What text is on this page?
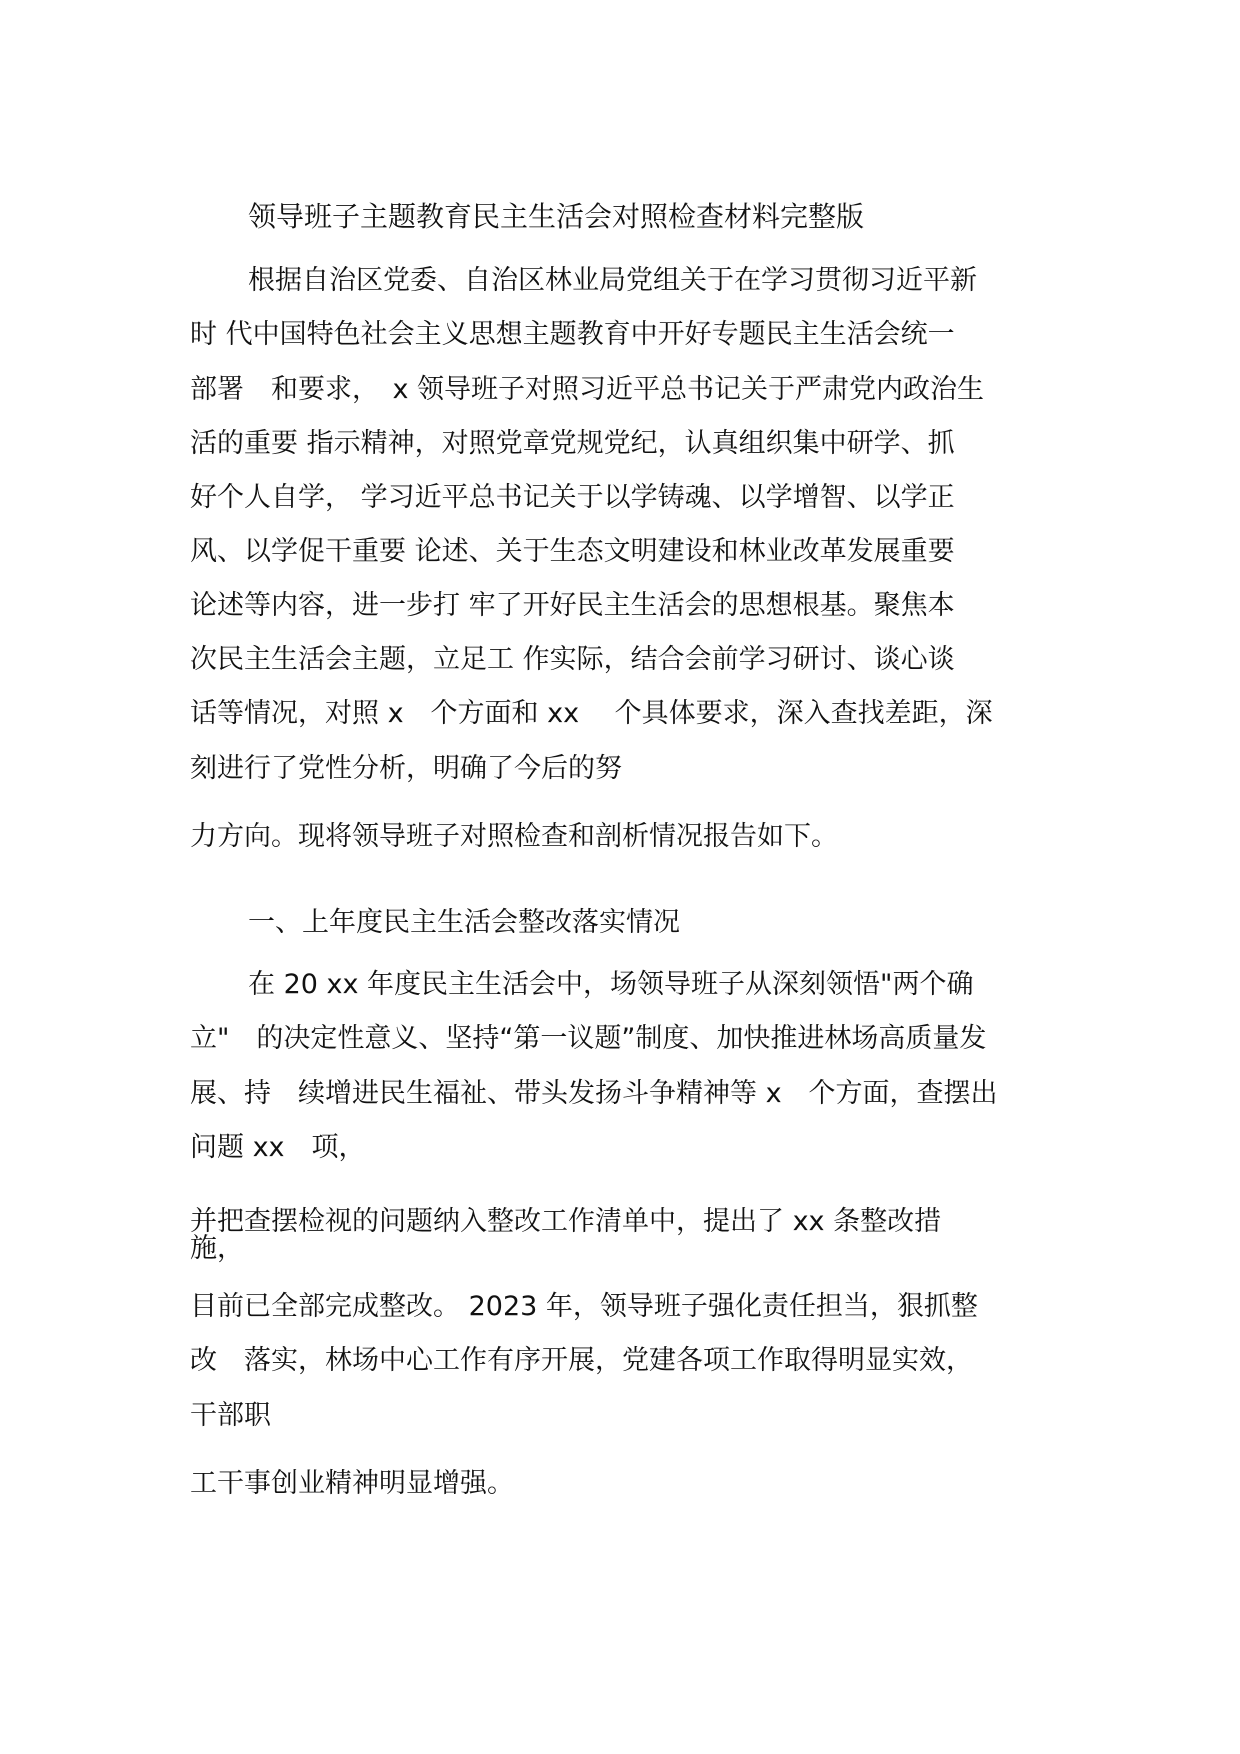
领导班子主题教育民主生活会对照检查材料完整版
根据自治区党委、自治区林业局党组关于在学习贯彻习近平新
时 代中国特色社会主义思想主题教育中开好专题民主生活会统一
部署　和要求，　x 领导班子对照习近平总书记关于严肃党内政治生
活的重要 指示精神，对照党章党规党纪，认真组织集中研学、抓
好个人自学， 学习近平总书记关于以学铸魂、以学增智、以学正
风、以学促干重要 论述、关于生态文明建设和林业改革发展重要
论述等内容，进一步打 牢了开好民主生活会的思想根基。聚焦本
次民主生活会主题，立足工 作实际，结合会前学习研讨、谈心谈
话等情况，对照 x　个方面和 xx　 个具体要求，深入查找差距，深
刻进行了党性分析，明确了今后的努
力方向。现将领导班子对照检查和剖析情况报告如下。
一、上年度民主生活会整改落实情况
在 20 xx 年度民主生活会中，场领导班子从深刻领悟"两个确
立"　的决定性意义、坚持“第一议题”制度、加快推进林场高质量发
展、持　续增进民生福祉、带头发扬斗争精神等 x　个方面，查摆出
问题 xx　项，
并把查摆检视的问题纳入整改工作清单中，提出了 xx 条整改措
施，
目前已全部完成整改。 2023 年，领导班子强化责任担当，狠抓整
改　落实，林场中心工作有序开展，党建各项工作取得明显实效，
干部职
工干事创业精神明显增强。
